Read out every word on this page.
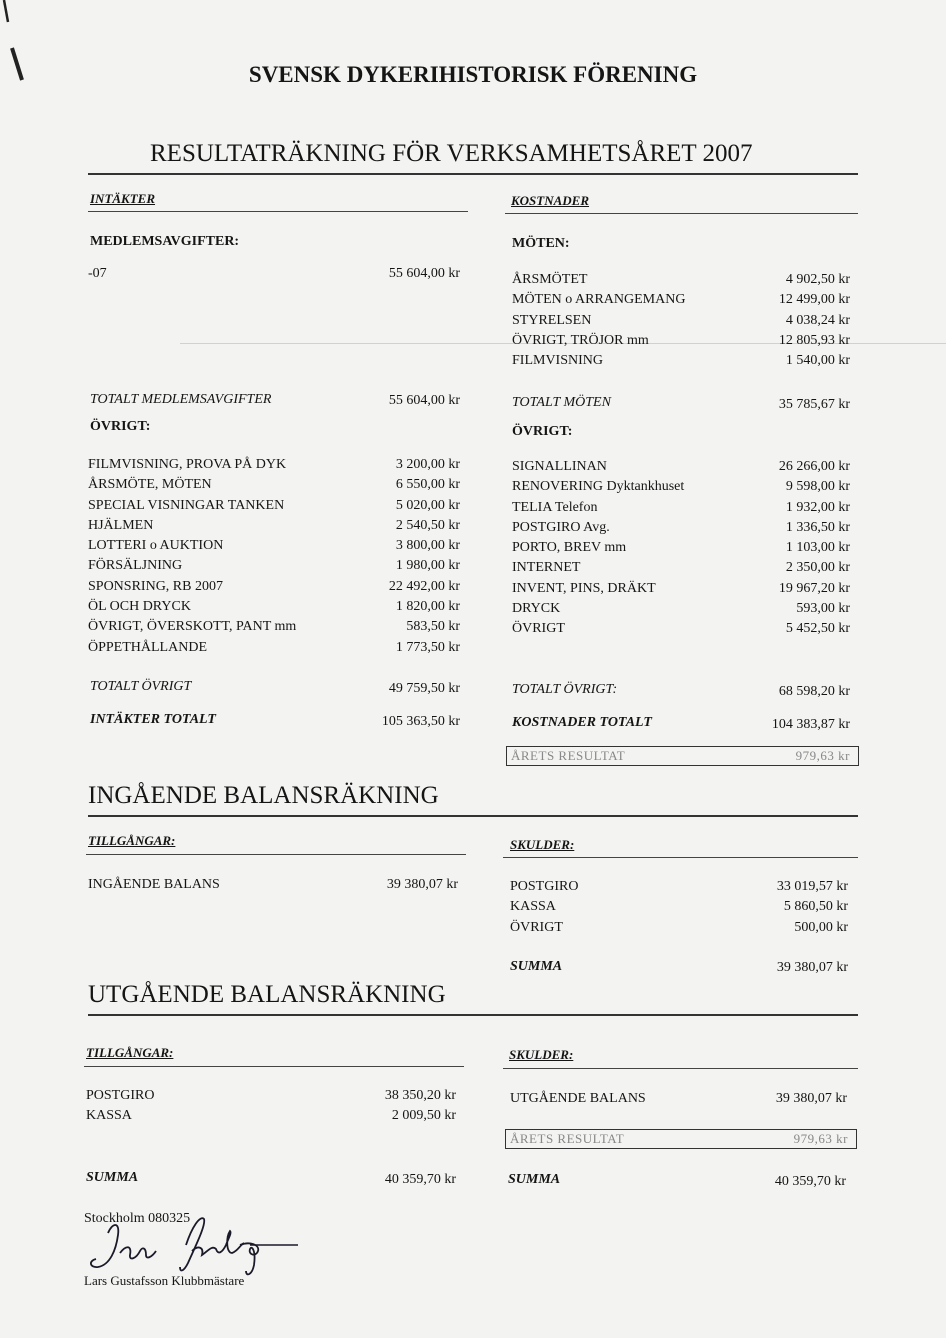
SVENSK DYKERIHISTORISK FÖRENING
RESULTATRÄKNING FÖR VERKSAMHETSÅRET 2007
INTÄKTER	KOSTNADER
MEDLEMSAVGIFTER:
-07	55 604,00 kr
TOTALT MEDLEMSAVGIFTER	55 604,00 kr
MÖTEN:
ÅRSMÖTET	4 902,50 kr
MÖTEN o ARRANGEMANG	12 499,00 kr
STYRELSEN	4 038,24 kr
ÖVRIGT, TRÖJOR mm	12 805,93 kr
FILMVISNING	1 540,00 kr
TOTALT MÖTEN	35 785,67 kr
ÖVRIGT:
FILMVISNING, PROVA PÅ DYK	3 200,00 kr
ÅRSMÖTE, MÖTEN	6 550,00 kr
SPECIAL VISNINGAR TANKEN	5 020,00 kr
HJÄLMEN	2 540,50 kr
LOTTERI o AUKTION	3 800,00 kr
FÖRSÄLJNING	1 980,00 kr
SPONSRING, RB 2007	22 492,00 kr
ÖL OCH DRYCK	1 820,00 kr
ÖVRIGT, ÖVERSKOTT, PANT mm	583,50 kr
ÖPPETHÅLLANDE	1 773,50 kr
ÖVRIGT:
SIGNALLINAN	26 266,00 kr
RENOVERING Dyktankhuset	9 598,00 kr
TELIA Telefon	1 932,00 kr
POSTGIRO Avg.	1 336,50 kr
PORTO, BREV mm	1 103,00 kr
INTERNET	2 350,00 kr
INVENT, PINS, DRÄKT	19 967,20 kr
DRYCK	593,00 kr
ÖVRIGT	5 452,50 kr
TOTALT ÖVRIGT	49 759,50 kr	TOTALT ÖVRIGT:	68 598,20 kr
INTÄKTER TOTALT	105 363,50 kr	KOSTNADER TOTALT	104 383,87 kr
ÅRETS RESULTAT	979,63 kr
INGÅENDE BALANSRÄKNING
TILLGÅNGAR:	SKULDER:
INGÅENDE BALANS	39 380,07 kr	POSTGIRO	33 019,57 kr
KASSA	5 860,50 kr
ÖVRIGT	500,00 kr
SUMMA	39 380,07 kr
UTGÅENDE BALANSRÄKNING
TILLGÅNGAR:	SKULDER:
POSTGIRO	38 350,20 kr
KASSA	2 009,50 kr
UTGÅENDE BALANS	39 380,07 kr
ÅRETS RESULTAT	979,63 kr
SUMMA	40 359,70 kr	SUMMA	40 359,70 kr
Stockholm 080325
Lars Gustafsson Klubbmästare
